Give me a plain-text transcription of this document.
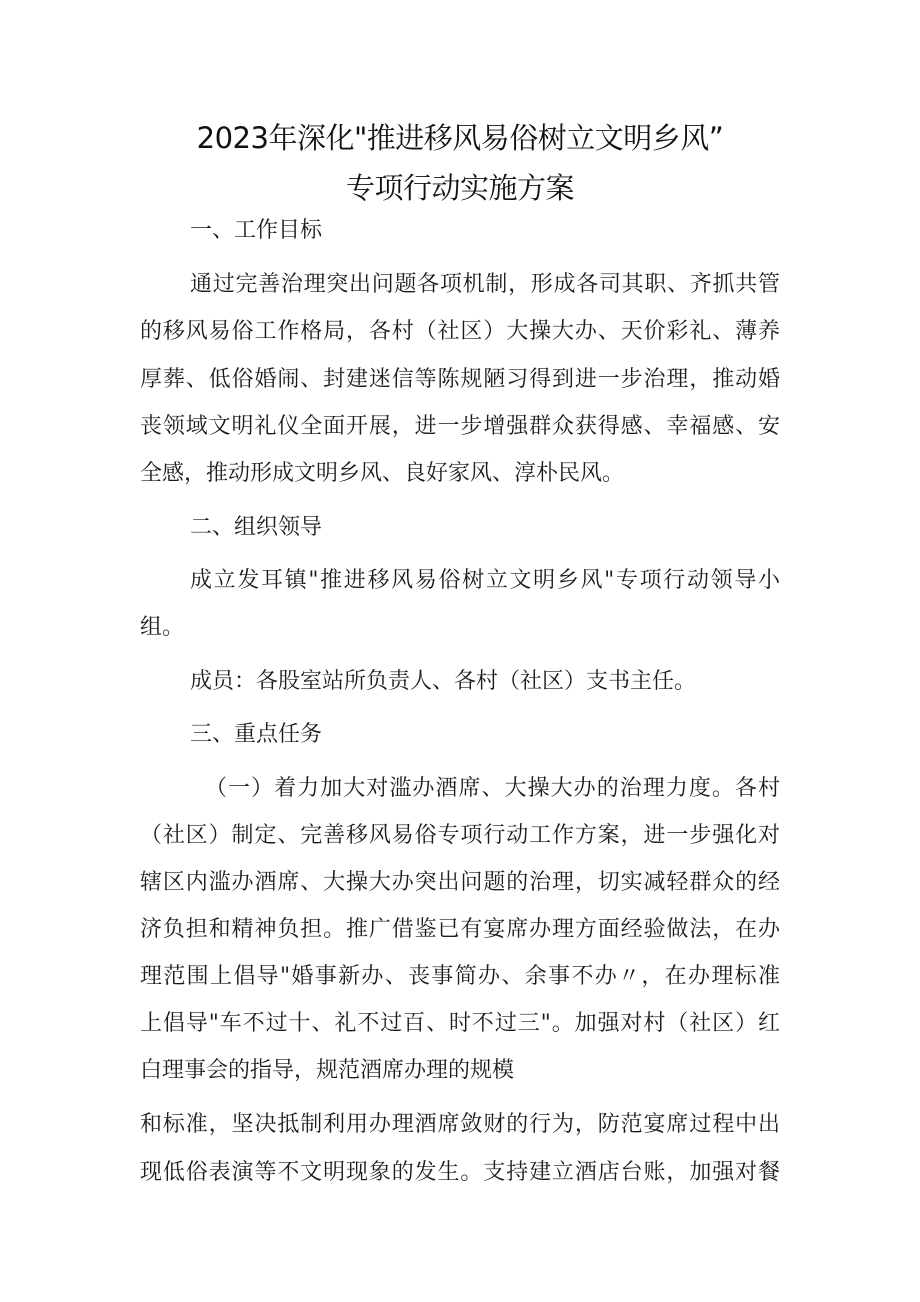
2023年深化"推进移风易俗树立文明乡风”
专项行动实施方案
一、工作目标

通过完善治理突出问题各项机制，形成各司其职、齐抓共管

的移风易俗工作格局，各村（社区）大操大办、天价彩礼、薄养

厚葬、低俗婚闹、封建迷信等陈规陋习得到进一步治理，推动婚

丧领域文明礼仪全面开展，进一步增强群众获得感、幸福感、安

全感，推动形成文明乡风、良好家风、淳朴民风。

二、组织领导

成立发耳镇"推进移风易俗树立文明乡风"专项行动领导小

组。

成员：各股室站所负责人、各村（社区）支书主任。

三、重点任务

（一）着力加大对滥办酒席、大操大办的治理力度。各村

（社区）制定、完善移风易俗专项行动工作方案，进一步强化对

辖区内滥办酒席、大操大办突出问题的治理，切实减轻群众的经

济负担和精神负担。推广借鉴已有宴席办理方面经验做法，在办

理范围上倡导"婚事新办、丧事简办、余事不办〃，在办理标准

上倡导"车不过十、礼不过百、时不过三"。加强对村（社区）红

白理事会的指导，规范酒席办理的规模

和标准，坚决抵制利用办理酒席敛财的行为，防范宴席过程中出

现低俗表演等不文明现象的发生。支持建立酒店台账，加强对餐
